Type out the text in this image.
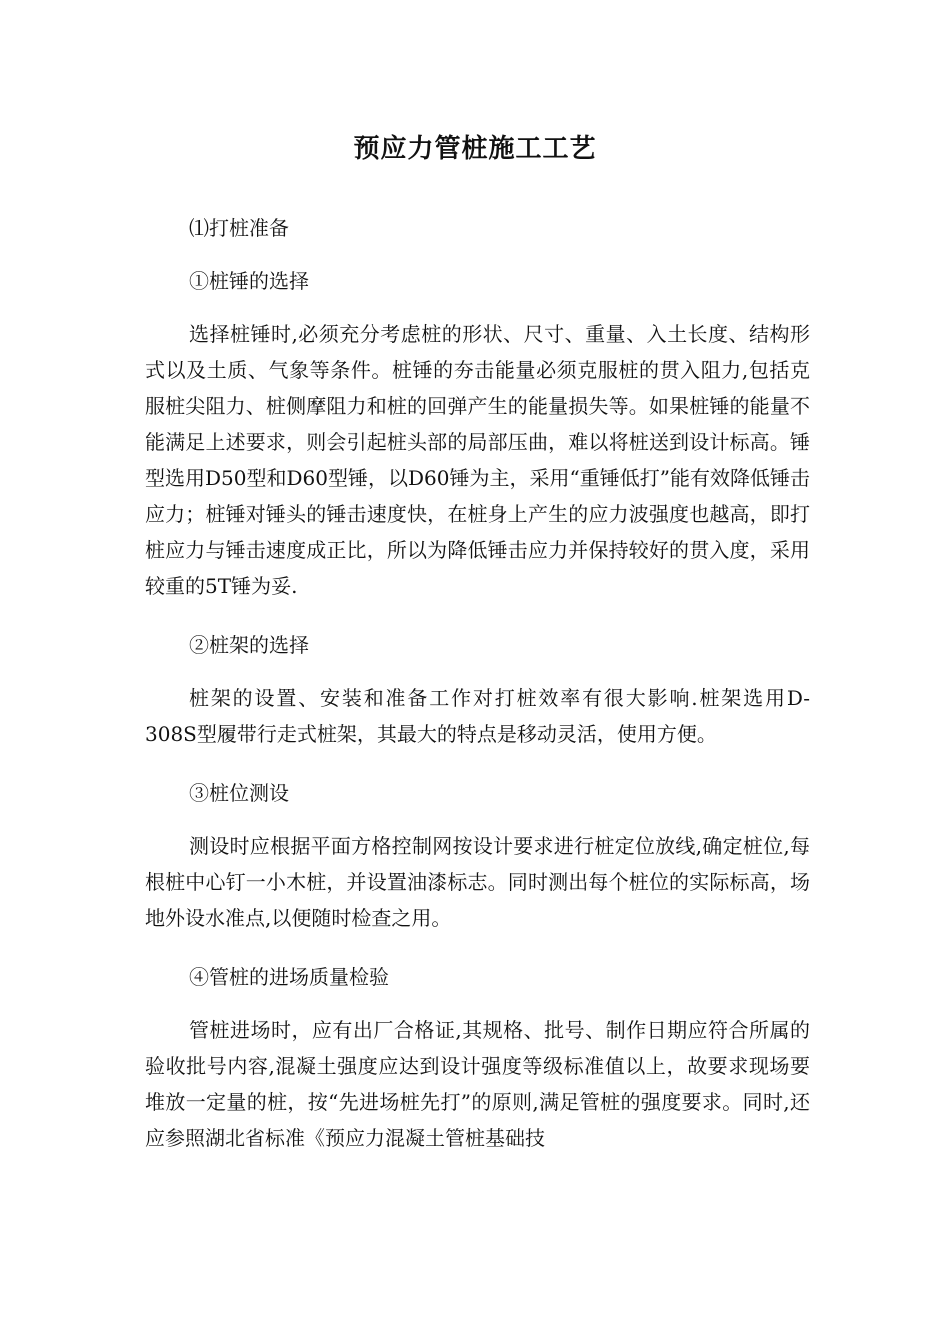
预应力管桩施工工艺

⑴打桩准备

①桩锤的选择

选择桩锤时,必须充分考虑桩的形状、尺寸、重量、入土长度、结构形式以及土质、气象等条件。桩锤的夯击能量必须克服桩的贯入阻力,包括克服桩尖阻力、桩侧摩阻力和桩的回弹产生的能量损失等。如果桩锤的能量不能满足上述要求，则会引起桩头部的局部压曲，难以将桩送到设计标高。锤型选用D50型和D60型锤，以D60锤为主，采用“重锤低打”能有效降低锤击应力；桩锤对锤头的锤击速度快，在桩身上产生的应力波强度也越高，即打桩应力与锤击速度成正比，所以为降低锤击应力并保持较好的贯入度，采用较重的5T锤为妥.

②桩架的选择

桩架的设置、安装和准备工作对打桩效率有很大影响.桩架选用D-308S型履带行走式桩架，其最大的特点是移动灵活，使用方便。

③桩位测设

测设时应根据平面方格控制网按设计要求进行桩定位放线,确定桩位,每根桩中心钉一小木桩，并设置油漆标志。同时测出每个桩位的实际标高，场地外设水准点,以便随时检查之用。

④管桩的进场质量检验

管桩进场时，应有出厂合格证,其规格、批号、制作日期应符合所属的验收批号内容,混凝土强度应达到设计强度等级标准值以上，故要求现场要堆放一定量的桩，按“先进场桩先打”的原则,满足管桩的强度要求。同时,还应参照湖北省标准《预应力混凝土管桩基础技
